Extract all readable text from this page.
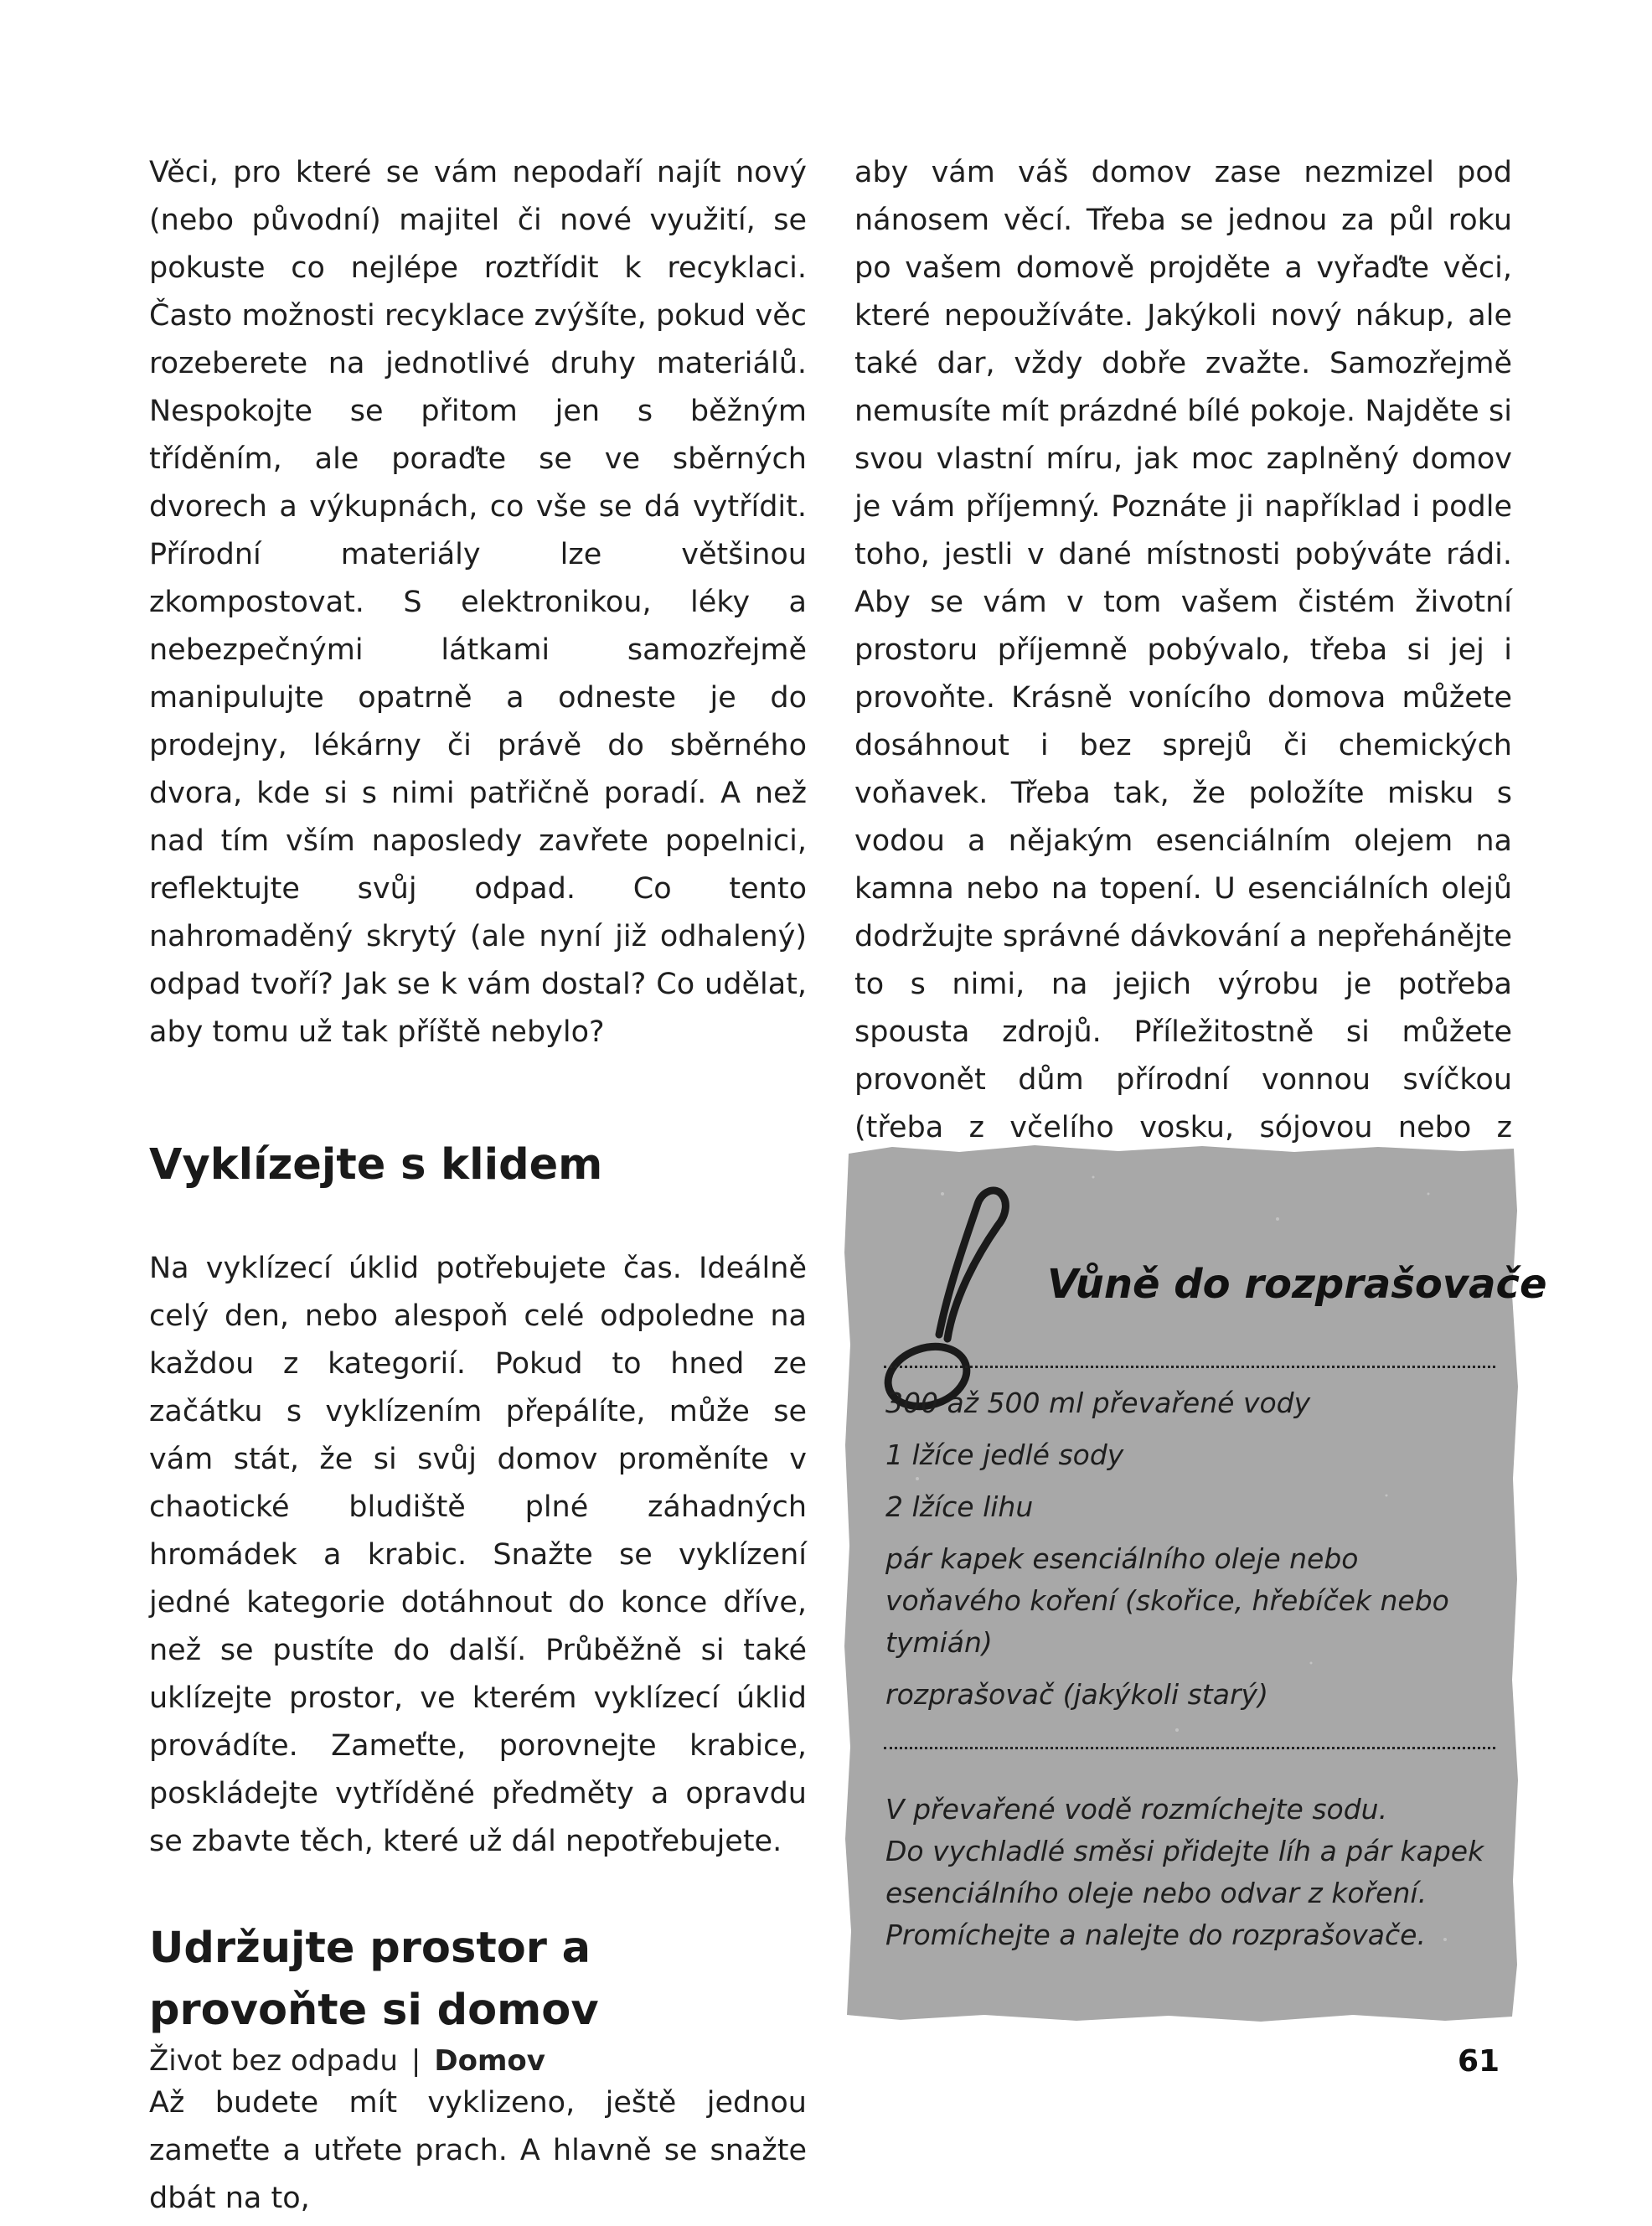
Věci, pro které se vám nepodaří najít nový (nebo původní) majitel či nové využití, se pokuste co nejlépe roztřídit k recyklaci. Často možnosti recyklace zvýšíte, pokud věc rozeberete na jednotlivé druhy materiálů. Nespokojte se přitom jen s běžným tříděním, ale poraďte se ve sběrných dvorech a výkupnách, co vše se dá vytřídit. Přírodní materiály lze většinou zkompostovat. S elektronikou, léky a nebezpečnými látkami samozřejmě manipulujte opatrně a odneste je do prodejny, lékárny či právě do sběrného dvora, kde si s nimi patřičně poradí. A než nad tím vším naposledy zavřete popelnici, reflektujte svůj odpad. Co tento nahromaděný skrytý (ale nyní již odhalený) odpad tvoří? Jak se k vám dostal? Co udělat, aby tomu už tak příště nebylo?

Vyklízejte s klidem

Na vyklízecí úklid potřebujete čas. Ideálně celý den, nebo alespoň celé odpoledne na každou z kategorií. Pokud to hned ze začátku s vyklízením přepálíte, může se vám stát, že si svůj domov proměníte v chaotické bludiště plné záhadných hromádek a krabic. Snažte se vyklízení jedné kategorie dotáhnout do konce dříve, než se pustíte do další. Průběžně si také uklízejte prostor, ve kterém vyklízecí úklid provádíte. Zameťte, porovnejte krabice, poskládejte vytříděné předměty a opravdu se zbavte těch, které už dál nepotřebujete.

Udržujte prostor a provoňte si domov

Až budete mít vyklizeno, ještě jednou zameťte a utřete prach. A hlavně se snažte dbát na to,

aby vám váš domov zase nezmizel pod nánosem věcí. Třeba se jednou za půl roku po vašem domově projděte a vyřaďte věci, které nepoužíváte. Jakýkoli nový nákup, ale také dar, vždy dobře zvažte. Samozřejmě nemusíte mít prázdné bílé pokoje. Najděte si svou vlastní míru, jak moc zaplněný domov je vám příjemný. Poznáte ji například i podle toho, jestli v dané místnosti pobýváte rádi. Aby se vám v tom vašem čistém životní prostoru příjemně pobývalo, třeba si jej i provoňte. Krásně vonícího domova můžete dosáhnout i bez sprejů či chemických voňavek. Třeba tak, že položíte misku s vodou a nějakým esenciálním olejem na kamna nebo na topení. U esenciálních olejů dodržujte správné dávkování a nepřehánějte to s nimi, na jejich výrobu je potřeba spousta zdrojů. Příležitostně si můžete provonět dům přírodní vonnou svíčkou (třeba z včelího vosku, sójovou nebo z

Vůně do rozprašovače
300 až 500 ml převařené vody
1 lžíce jedlé sody
2 lžíce lihu
pár kapek esenciálního oleje nebo voňavého koření (skořice, hřebíček nebo tymián)
rozprašovač (jakýkoli starý)
V převařené vodě rozmíchejte sodu.
Do vychladlé směsi přidejte líh a pár kapek
esenciálního oleje nebo odvar z koření.
Promíchejte a nalejte do rozprašovače.
Život bez odpadu | Domov	61
